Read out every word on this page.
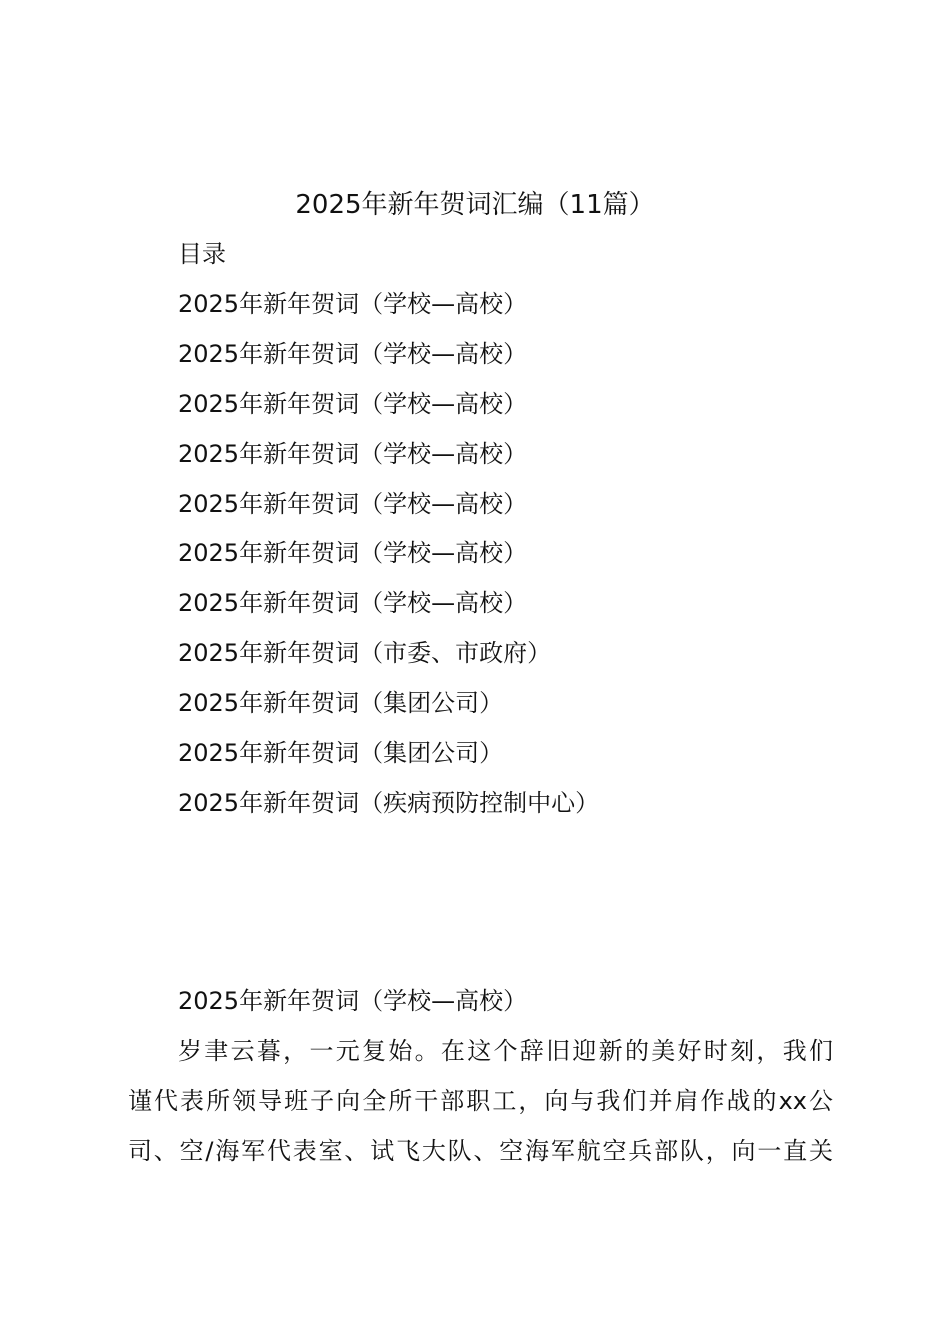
2025年新年贺词汇编（11篇）
目录
2025年新年贺词（学校—高校）
2025年新年贺词（学校—高校）
2025年新年贺词（学校—高校）
2025年新年贺词（学校—高校）
2025年新年贺词（学校—高校）
2025年新年贺词（学校—高校）
2025年新年贺词（学校—高校）
2025年新年贺词（市委、市政府）
2025年新年贺词（集团公司）
2025年新年贺词（集团公司）
2025年新年贺词（疾病预防控制中心）
2025年新年贺词（学校—高校）
岁聿云暮，一元复始。在这个辞旧迎新的美好时刻，我们
谨代表所领导班子向全所干部职工，向与我们并肩作战的xx公
司、空/海军代表室、试飞大队、空海军航空兵部队，向一直关
